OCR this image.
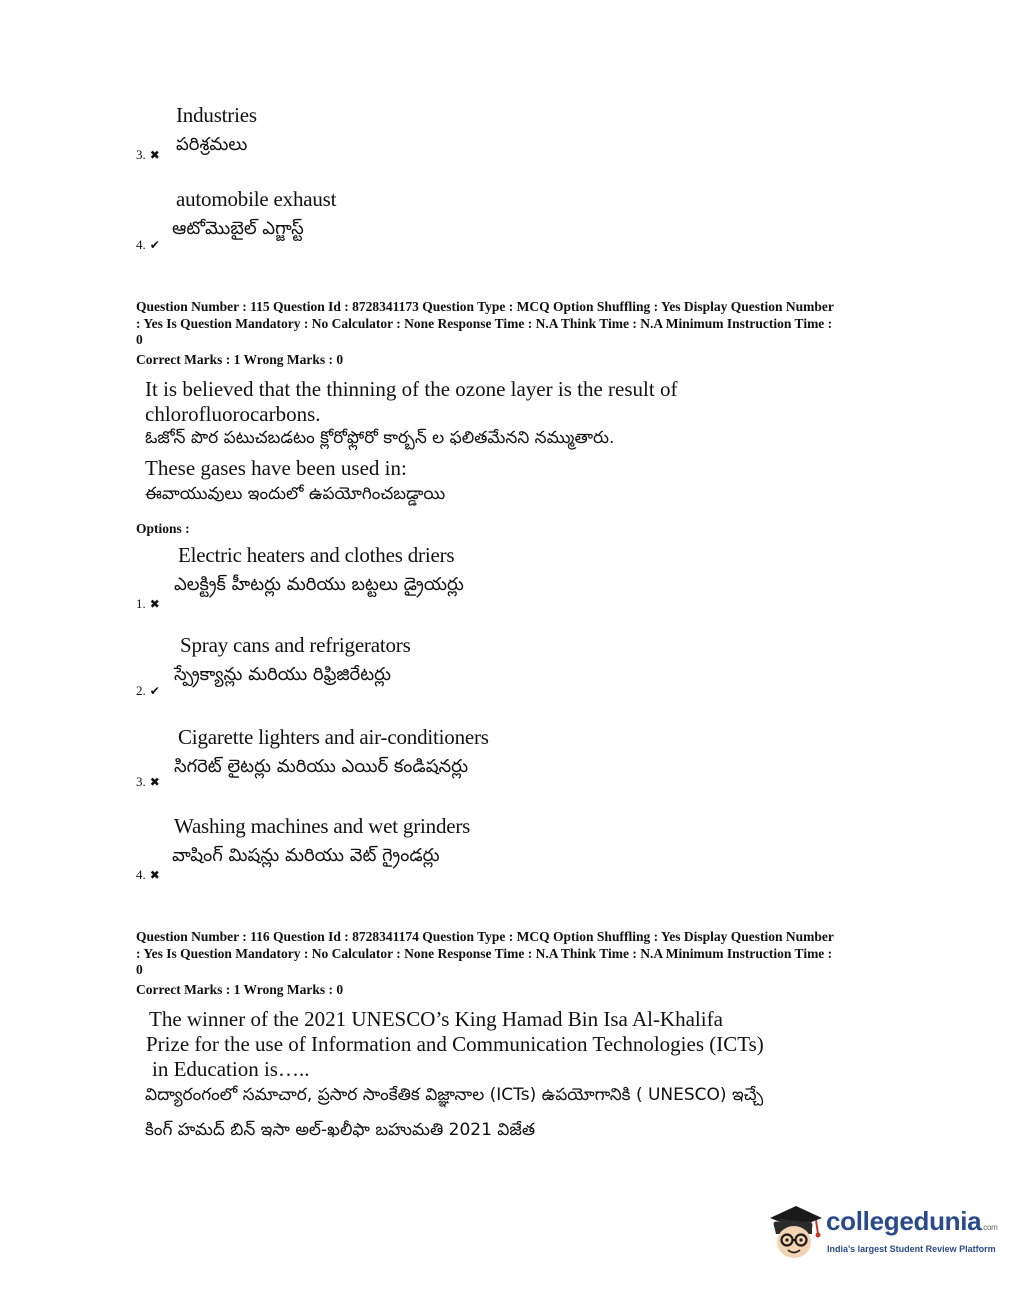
Industries
పరిశ్రమలు
3. ✖
automobile exhaust
ఆటోమొబైల్ ఎగ్జాస్ట్
4. ✔
Question Number : 115 Question Id : 8728341173 Question Type : MCQ Option Shuffling : Yes Display Question Number
: Yes Is Question Mandatory : No Calculator : None Response Time : N.A Think Time : N.A Minimum Instruction Time :
0
Correct Marks : 1 Wrong Marks : 0
It is believed that the thinning of the ozone layer is the result of
chlorofluorocarbons.
ఓజోన్ పొర పటుచబడటం క్లోరోఫ్లోరో కార్బన్ ల ఫలితమేనని నమ్ముతారు.
These gases have been used in:
ఈవాయువులు ఇందులో ఉపయోగించబడ్డాయి
Options :
Electric heaters and clothes driers
ఎలక్ట్రిక్ హీటర్లు మరియు బట్టలు డ్రైయర్లు
1. ✖
Spray cans and refrigerators
స్ప్రేక్యాన్లు మరియు రిఫ్రిజిరేటర్లు
2. ✔
Cigarette lighters and air-conditioners
సిగరెట్ లైటర్లు మరియు ఎయిర్ కండిషనర్లు
3. ✖
Washing machines and wet grinders
వాషింగ్ మిషన్లు మరియు వెట్ గ్రైండర్లు
4. ✖
Question Number : 116 Question Id : 8728341174 Question Type : MCQ Option Shuffling : Yes Display Question Number
: Yes Is Question Mandatory : No Calculator : None Response Time : N.A Think Time : N.A Minimum Instruction Time :
0
Correct Marks : 1 Wrong Marks : 0
The winner of the 2021 UNESCO’s King Hamad Bin Isa Al-Khalifa
Prize for the use of Information and Communication Technologies (ICTs)
in Education is…..
విద్యారంగంలో సమాచార, ప్రసార సాంకేతిక విజ్ఞానాల (ICTs) ఉపయోగానికి ( UNESCO) ఇచ్చే
కింగ్ హమద్ బిన్ ఇసా అల్-ఖలీఫా బహుమతి 2021 విజేత
collegedunia.com
India's largest Student Review Platform
